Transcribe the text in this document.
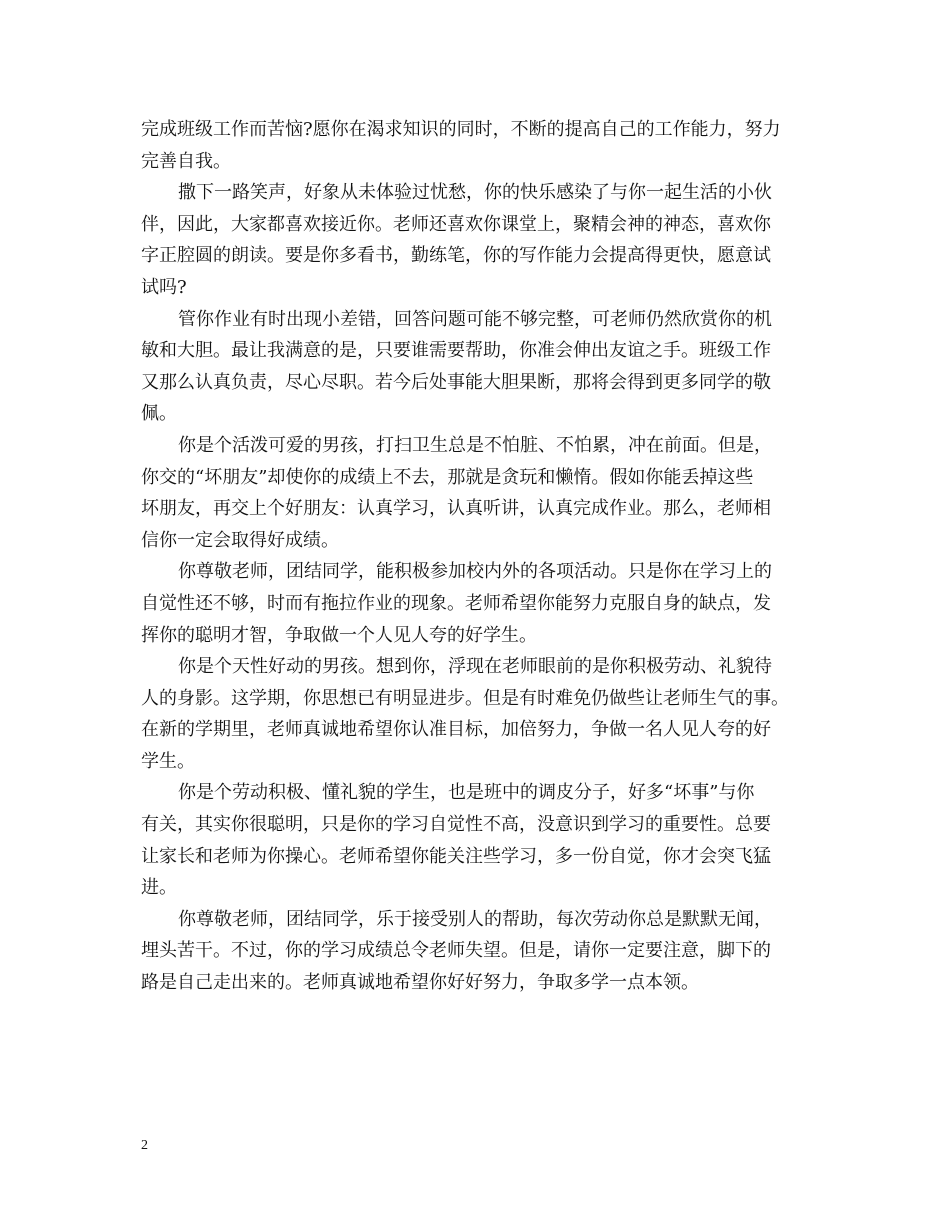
完成班级工作而苦恼?愿你在渴求知识的同时，不断的提高自己的工作能力，努力
完善自我。
撒下一路笑声，好象从未体验过忧愁，你的快乐感染了与你一起生活的小伙
伴，因此，大家都喜欢接近你。老师还喜欢你课堂上，聚精会神的神态，喜欢你
字正腔圆的朗读。要是你多看书，勤练笔，你的写作能力会提高得更快，愿意试
试吗?
管你作业有时出现小差错，回答问题可能不够完整，可老师仍然欣赏你的机
敏和大胆。最让我满意的是，只要谁需要帮助，你准会伸出友谊之手。班级工作
又那么认真负责，尽心尽职。若今后处事能大胆果断，那将会得到更多同学的敬
佩。
你是个活泼可爱的男孩，打扫卫生总是不怕脏、不怕累，冲在前面。但是，
你交的“坏朋友”却使你的成绩上不去，那就是贪玩和懒惰。假如你能丢掉这些
坏朋友，再交上个好朋友：认真学习，认真听讲，认真完成作业。那么，老师相
信你一定会取得好成绩。
你尊敬老师，团结同学，能积极参加校内外的各项活动。只是你在学习上的
自觉性还不够，时而有拖拉作业的现象。老师希望你能努力克服自身的缺点，发
挥你的聪明才智，争取做一个人见人夸的好学生。
你是个天性好动的男孩。想到你，浮现在老师眼前的是你积极劳动、礼貌待
人的身影。这学期，你思想已有明显进步。但是有时难免仍做些让老师生气的事。
在新的学期里，老师真诚地希望你认准目标，加倍努力，争做一名人见人夸的好
学生。
你是个劳动积极、懂礼貌的学生，也是班中的调皮分子，好多“坏事”与你
有关，其实你很聪明，只是你的学习自觉性不高，没意识到学习的重要性。总要
让家长和老师为你操心。老师希望你能关注些学习，多一份自觉，你才会突飞猛
进。
你尊敬老师，团结同学，乐于接受别人的帮助，每次劳动你总是默默无闻，
埋头苦干。不过，你的学习成绩总令老师失望。但是，请你一定要注意，脚下的
路是自己走出来的。老师真诚地希望你好好努力，争取多学一点本领。
2
